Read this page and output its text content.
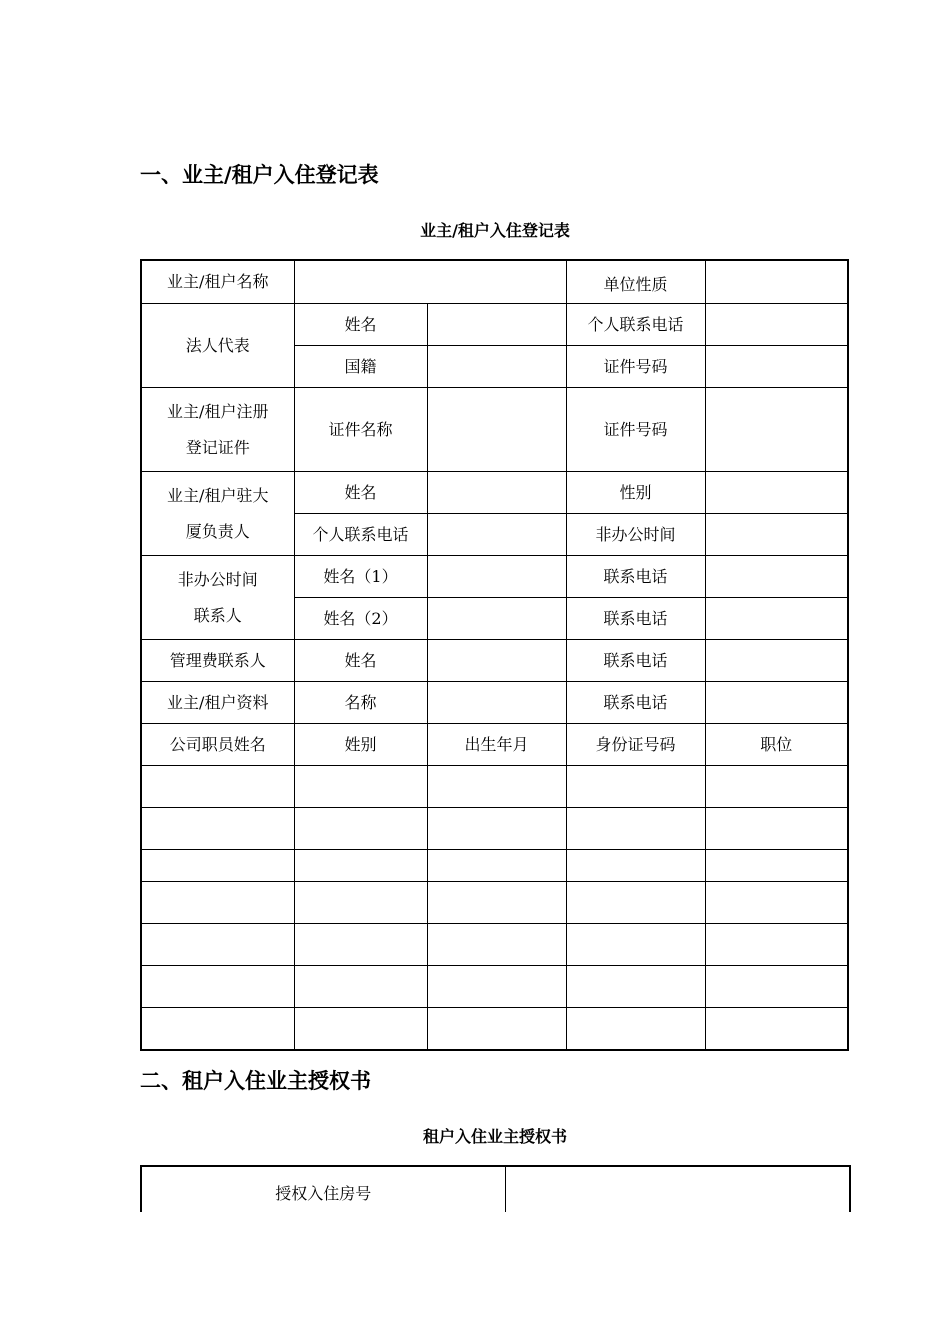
一、业主/租户入住登记表

业主/租户入住登记表

业主/租户名称			单位性质	
法人代表	姓名		个人联系电话	
	国籍		证件号码	

业主/租户注册
登记证件	证件名称		证件号码	

业主/租户驻大
厦负责人	姓名		性别	
	个人联系电话		非办公时间	

非办公时间
联系人	姓名（1）		联系电话	
	姓名（2）		联系电话	
管理费联系人	姓名		联系电话	
业主/租户资料	名称		联系电话	
公司职员姓名	姓别	出生年月	身份证号码	职位

二、租户入住业主授权书

租户入住业主授权书

授权入住房号	
